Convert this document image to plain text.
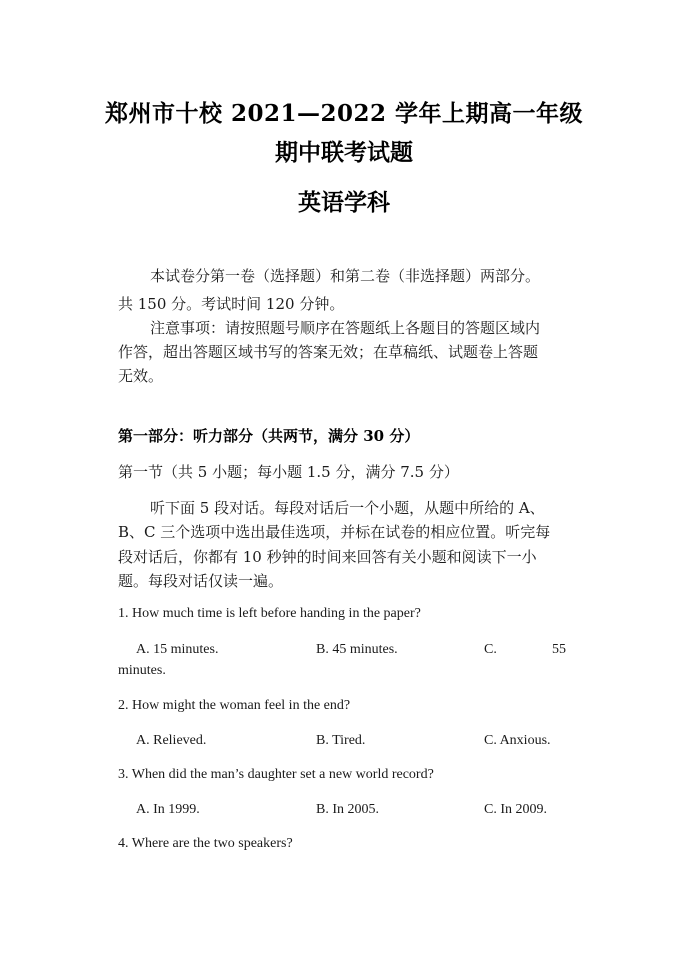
郑州市十校 2021—2022 学年上期高一年级
期中联考试题
英语学科
本试卷分第一卷（选择题）和第二卷（非选择题）两部分。
共 150 分。考试时间 120 分钟。
注意事项：请按照题号顺序在答题纸上各题目的答题区域内
作答，超出答题区域书写的答案无效；在草稿纸、试题卷上答题
无效。
第一部分：听力部分（共两节，满分 30 分）
第一节（共 5 小题；每小题 1.5 分，满分 7.5 分）
听下面 5 段对话。每段对话后一个小题，从题中所给的 A、
B、C 三个选项中选出最佳选项，并标在试卷的相应位置。听完每
段对话后，你都有 10 秒钟的时间来回答有关小题和阅读下一小
题。每段对话仅读一遍。
1. How much time is left before handing in the paper?
A. 15 minutes.	B. 45 minutes.	C.	55
minutes.
2. How might the woman feel in the end?
A. Relieved.	B. Tired.	C. Anxious.
3. When did the man’s daughter set a new world record?
A. In 1999.	B. In 2005.	C. In 2009.
4. Where are the two speakers?
